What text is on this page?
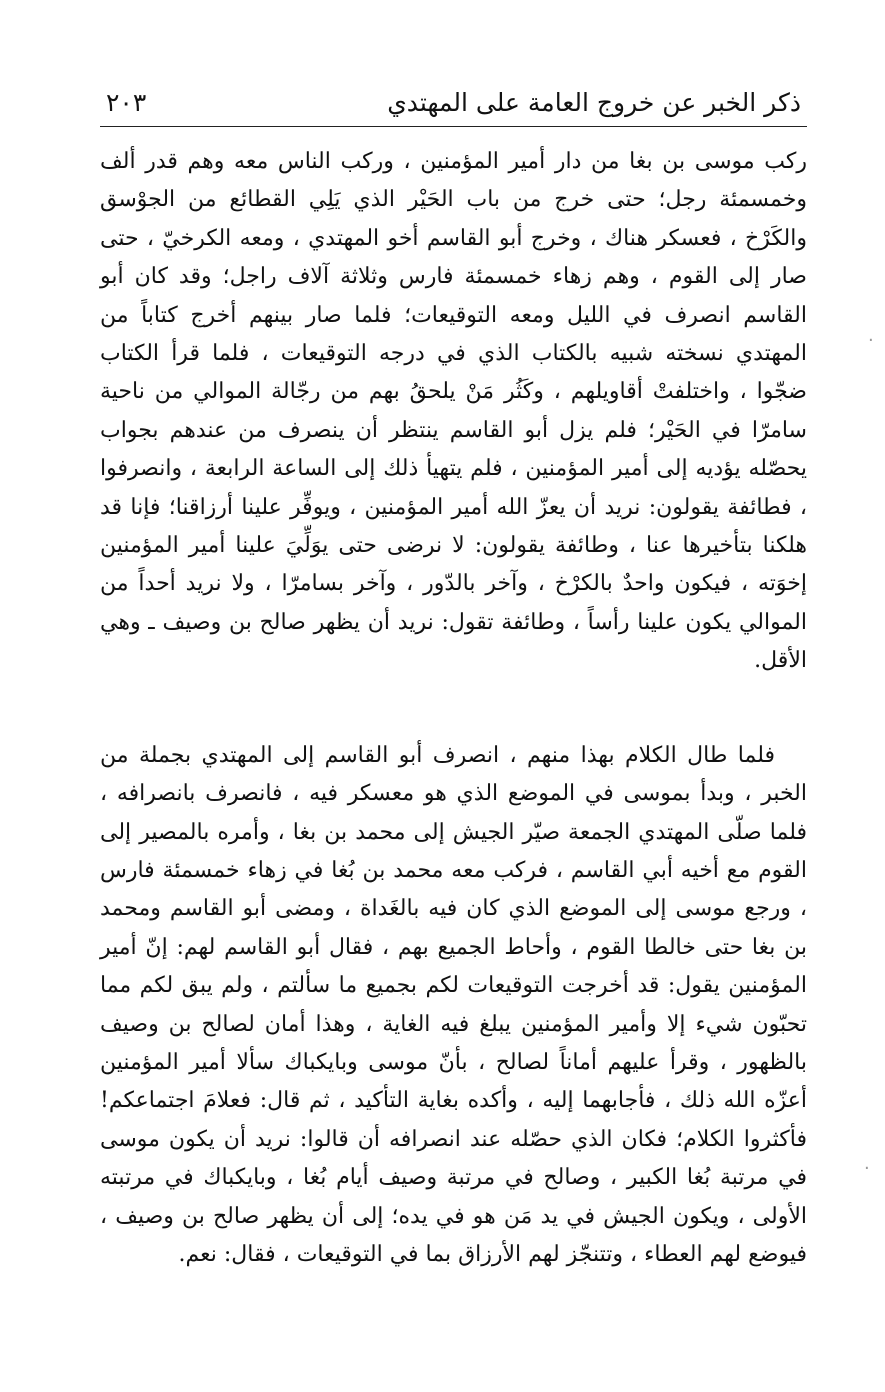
ذكر الخبر عن خروج العامة على المهتدي
٢٠٣

ركب موسى بن بغا من دار أمير المؤمنين ، وركب الناس معه وهم قدر ألف وخمسمئة رجل؛ حتى خرج من باب الحَيْر الذي يَلِي القطائع من الجوْسق والكَرْخ ، فعسكر هناك ، وخرج أبو القاسم أخو المهتدي ، ومعه الكرخيّ ، حتى صار إلى القوم ، وهم زهاء خمسمئة فارس وثلاثة آلاف راجل؛ وقد كان أبو القاسم انصرف في الليل ومعه التوقيعات؛ فلما صار بينهم أخرج كتاباً من المهتدي نسخته شبيه بالكتاب الذي في درجه التوقيعات ، فلما قرأ الكتاب ضجّوا ، واختلفتْ أقاويلهم ، وكَثُر مَنْ يلحقُ بهم من رجّالة الموالي من ناحية سامرّا في الحَيْر؛ فلم يزل أبو القاسم ينتظر أن ينصرف من عندهم بجواب يحصّله يؤديه إلى أمير المؤمنين ، فلم يتهيأ ذلك إلى الساعة الرابعة ، وانصرفوا ، فطائفة يقولون: نريد أن يعزّ الله أمير المؤمنين ، ويوفِّر علينا أرزاقنا؛ فإنا قد هلكنا بتأخيرها عنا ، وطائفة يقولون: لا نرضى حتى يوَلِّيَ علينا أمير المؤمنين إخوَته ، فيكون واحدٌ بالكرْخ ، وآخر بالدّور ، وآخر بسامرّا ، ولا نريد أحداً من الموالي يكون علينا رأساً ، وطائفة تقول: نريد أن يظهر صالح بن وصيف ـ وهي الأقل.

فلما طال الكلام بهذا منهم ، انصرف أبو القاسم إلى المهتدي بجملة من الخبر ، وبدأ بموسى في الموضع الذي هو معسكر فيه ، فانصرف بانصرافه ، فلما صلّى المهتدي الجمعة صيّر الجيش إلى محمد بن بغا ، وأمره بالمصير إلى القوم مع أخيه أبي القاسم ، فركب معه محمد بن بُغا في زهاء خمسمئة فارس ، ورجع موسى إلى الموضع الذي كان فيه بالغَداة ، ومضى أبو القاسم ومحمد بن بغا حتى خالطا القوم ، وأحاط الجميع بهم ، فقال أبو القاسم لهم: إنّ أمير المؤمنين يقول: قد أخرجت التوقيعات لكم بجميع ما سألتم ، ولم يبق لكم مما تحبّون شيء إلا وأمير المؤمنين يبلغ فيه الغاية ، وهذا أمان لصالح بن وصيف بالظهور ، وقرأ عليهم أماناً لصالح ، بأنّ موسى وبايكباك سألا أمير المؤمنين أعزّه الله ذلك ، فأجابهما إليه ، وأكده بغاية التأكيد ، ثم قال: فعلامَ اجتماعكم! فأكثروا الكلام؛ فكان الذي حصّله عند انصرافه أن قالوا: نريد أن يكون موسى في مرتبة بُغا الكبير ، وصالح في مرتبة وصيف أيام بُغا ، وبايكباك في مرتبته الأولى ، ويكون الجيش في يد مَن هو في يده؛ إلى أن يظهر صالح بن وصيف ، فيوضع لهم العطاء ، وتتنجّز لهم الأرزاق بما في التوقيعات ، فقال: نعم.

·
·
